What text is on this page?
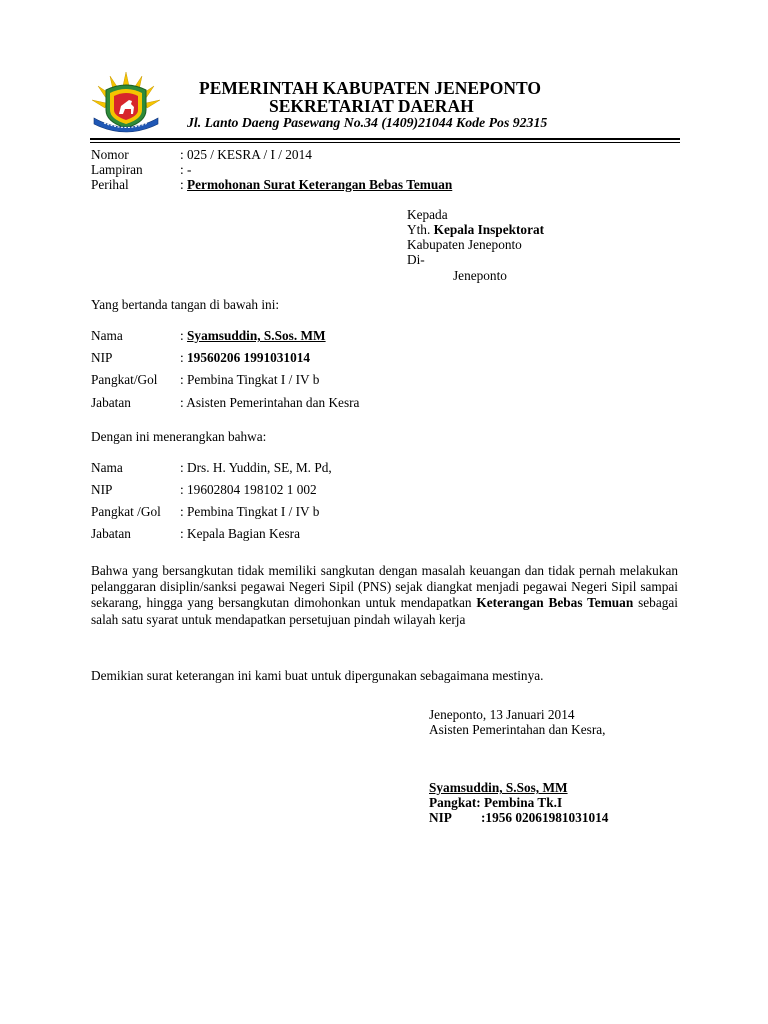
PEMERINTAH KABUPATEN JENEPONTO
SEKRETARIAT DAERAH
Jl. Lanto Daeng Pasewang No.34 (1409)21044 Kode Pos 92315
Nomor	: 025 / KESRA / I / 2014
Lampiran	: -
Perihal	: Permohonan Surat Keterangan Bebas Temuan
Kepada
Yth. Kepala Inspektorat
Kabupaten Jeneponto
Di-
Jeneponto
Yang bertanda tangan di bawah ini:
Nama	: Syamsuddin, S.Sos. MM
NIP	: 19560206 1991031014
Pangkat/Gol : Pembina Tingkat I / IV b
Jabatan	: Asisten Pemerintahan dan Kesra
Dengan ini menerangkan bahwa:
Nama	: Drs. H. Yuddin, SE, M. Pd,
NIP	: 19602804 198102 1 002
Pangkat /Gol : Pembina Tingkat I / IV b
Jabatan	: Kepala Bagian Kesra
Bahwa yang bersangkutan tidak memiliki sangkutan dengan masalah keuangan dan tidak pernah melakukan pelanggaran disiplin/sanksi pegawai Negeri Sipil (PNS) sejak diangkat menjadi pegawai Negeri Sipil sampai sekarang, hingga yang bersangkutan dimohonkan untuk mendapatkan Keterangan Bebas Temuan sebagai salah satu syarat untuk mendapatkan persetujuan pindah wilayah kerja
Demikian surat keterangan ini kami buat untuk dipergunakan sebagaimana mestinya.
Jeneponto, 13 Januari 2014
Asisten Pemerintahan dan Kesra,
Syamsuddin, S.Sos, MM
Pangkat: Pembina Tk.I
NIP :1956 02061981031014
